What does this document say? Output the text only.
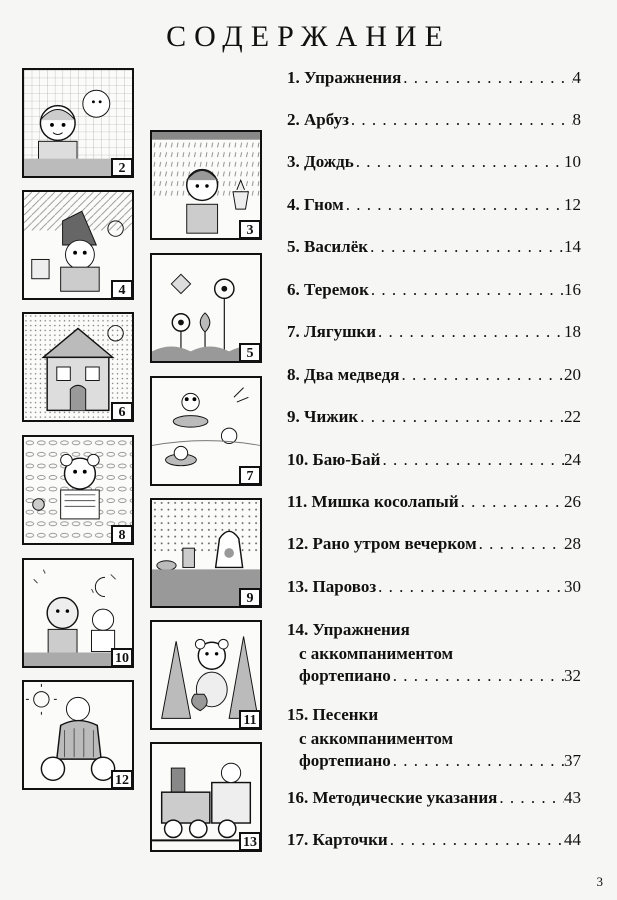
СОДЕРЖАНИЕ
2
4
6
8
10
12
3
5
7
9
11
13
1. Упражнения . . .	4
2. Арбуз . . .	8
3. Дождь . . .	10
4. Гном . . .	12
5. Василёк . . .	14
6. Теремок . . .	16
7. Лягушки . . .	18
8. Два медведя . . .	20
9. Чижик . . .	22
10. Баю-Бай . . .	24
11. Мишка косолапый . . .	26
12. Рано утром вечерком . . .	28
13. Паровоз . . .	30
14. Упражнения
с аккомпаниментом
фортепиано . . .	32
15. Песенки
с аккомпаниментом
фортепиано . . .	37
16. Методические указания . . .	43
17. Карточки . . .	44
3
